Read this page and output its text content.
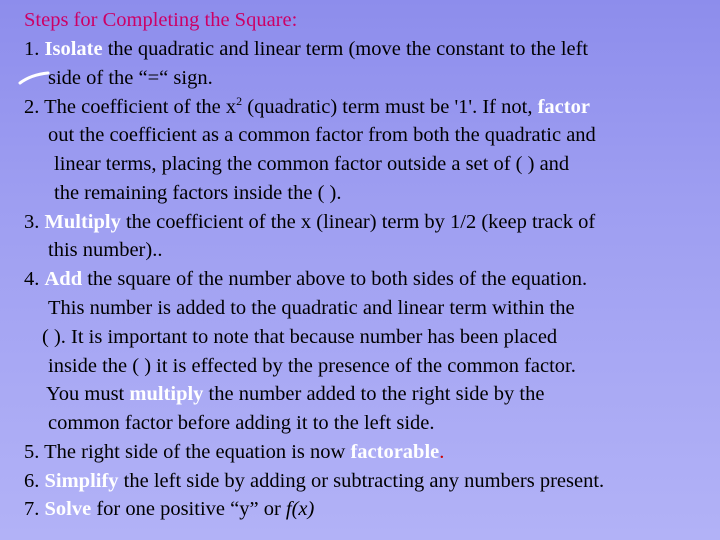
Steps for Completing the Square:
1. Isolate the quadratic and linear term (move the constant to the left
side of the “=“ sign.
2. The coefficient of the $x^2$ (quadratic) term must be '1'. If not, factor
out the coefficient as a common factor from both the quadratic and
linear terms, placing the common factor outside a set of ( ) and
the remaining factors inside the ( ).
3. Multiply the coefficient of the x (linear) term by 1/2 (keep track of
this number)..
4. Add the square of the number above to both sides of the equation.
This number is added to the quadratic and linear term within the
( ). It is important to note that because number has been placed
inside the ( ) it is effected by the presence of the common factor.
You must multiply the number added to the right side by the
common factor before adding it to the left side.
5. The right side of the equation is now factorable.
6. Simplify the left side by adding or subtracting any numbers present.
7. Solve for one positive “y” or f(x)
